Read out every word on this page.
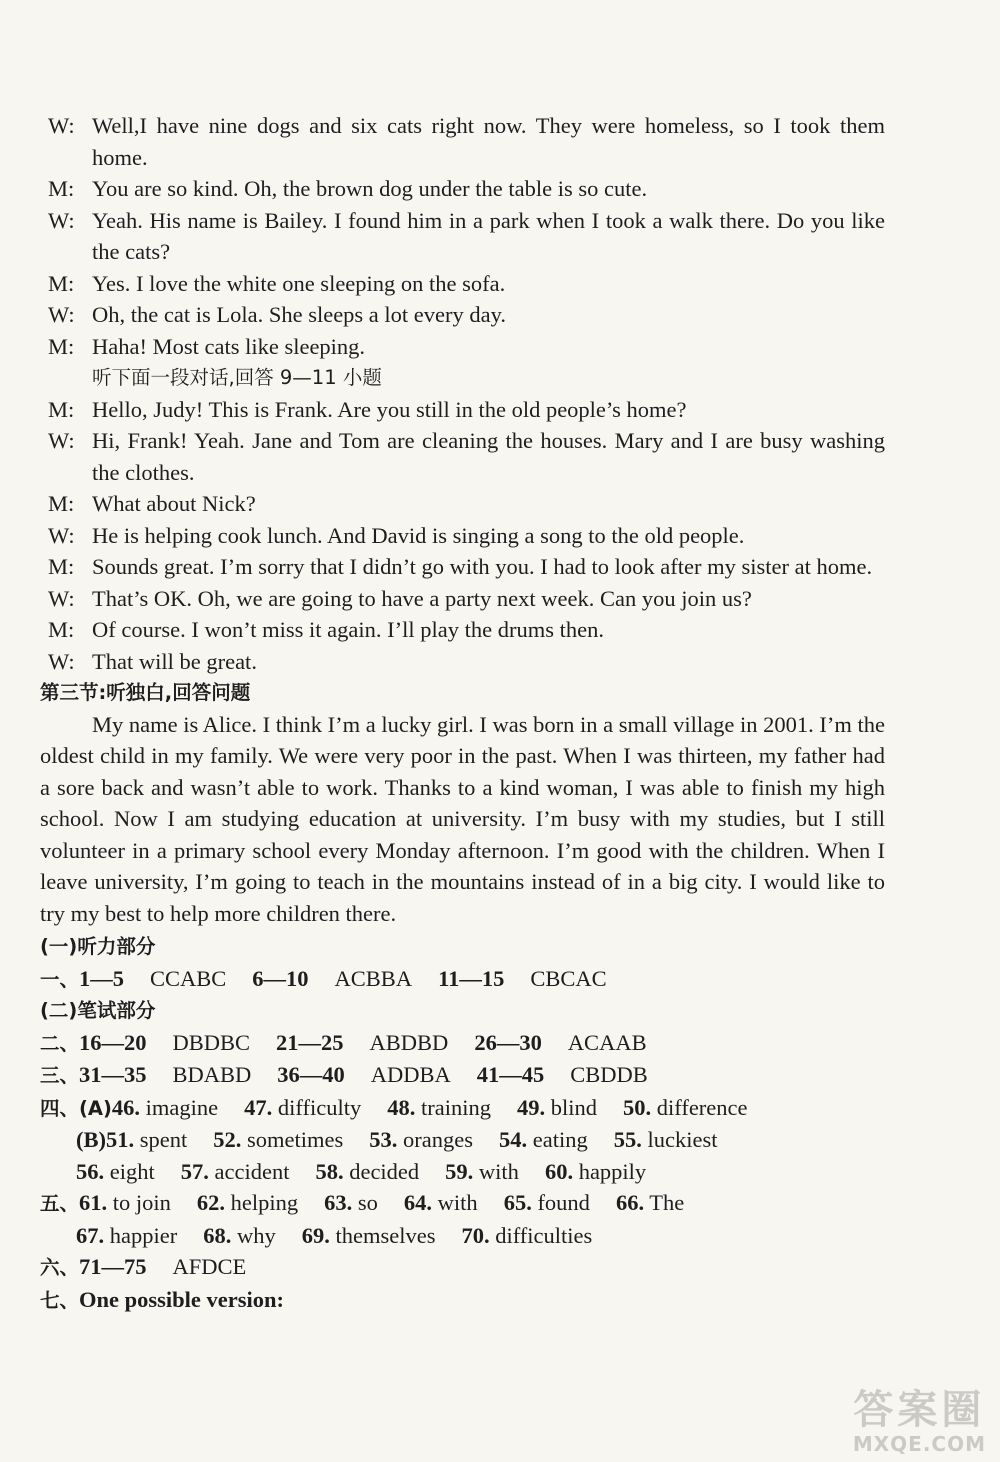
W: Well,I have nine dogs and six cats right now. They were homeless, so I took them home.
M: You are so kind. Oh, the brown dog under the table is so cute.
W: Yeah. His name is Bailey. I found him in a park when I took a walk there. Do you like the cats?
M: Yes. I love the white one sleeping on the sofa.
W: Oh, the cat is Lola. She sleeps a lot every day.
M: Haha! Most cats like sleeping.
听下面一段对话,回答 9—11 小题
M: Hello, Judy! This is Frank. Are you still in the old people’s home?
W: Hi, Frank! Yeah. Jane and Tom are cleaning the houses. Mary and I are busy washing the clothes.
M: What about Nick?
W: He is helping cook lunch. And David is singing a song to the old people.
M: Sounds great. I’m sorry that I didn’t go with you. I had to look after my sister at home.
W: That’s OK. Oh, we are going to have a party next week. Can you join us?
M: Of course. I won’t miss it again. I’ll play the drums then.
W: That will be great.
第三节:听独白,回答问题
My name is Alice. I think I’m a lucky girl. I was born in a small village in 2001. I’m the oldest child in my family. We were very poor in the past. When I was thirteen, my father had a sore back and wasn’t able to work. Thanks to a kind woman, I was able to finish my high school. Now I am studying education at university. I’m busy with my studies, but I still volunteer in a primary school every Monday afternoon. I’m good with the children. When I leave university, I’m going to teach in the mountains instead of in a big city. I would like to try my best to help more children there.
(一)听力部分
一、1—5 CCABC 6—10 ACBBA 11—15 CBCAC
(二)笔试部分
二、16—20 DBDBC 21—25 ABDBD 26—30 ACAAB
三、31—35 BDABD 36—40 ADDBA 41—45 CBDDB
四、(A)46. imagine 47. difficulty 48. training 49. blind 50. difference
(B)51. spent 52. sometimes 53. oranges 54. eating 55. luckiest
56. eight 57. accident 58. decided 59. with 60. happily
五、61. to join 62. helping 63. so 64. with 65. found 66. The
67. happier 68. why 69. themselves 70. difficulties
六、71—75 AFDCE
七、One possible version:
答案圈
MXQE.COM
